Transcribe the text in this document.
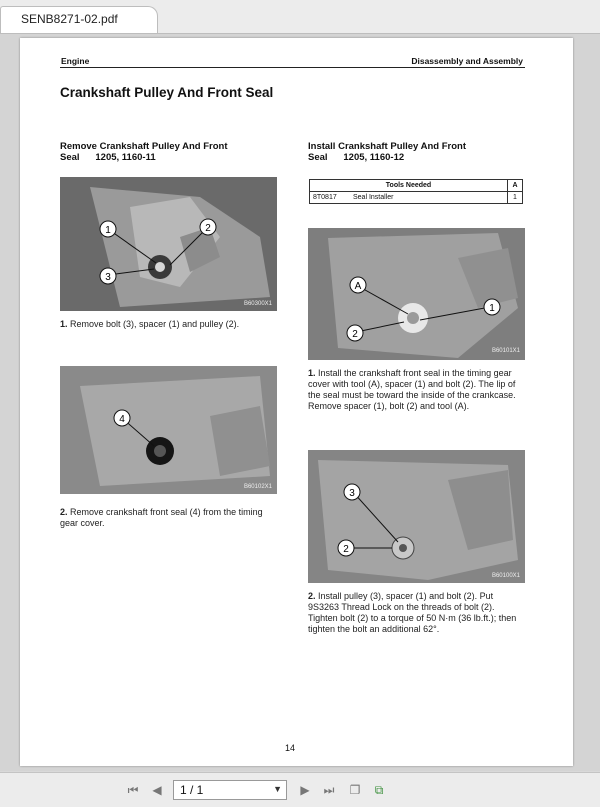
SENB8271-02.pdf
Engine	Disassembly and Assembly
Crankshaft Pulley And Front Seal
Remove Crankshaft Pulley And Front
Seal      1205, 1160-11
1	2
3
B60300X1
1. Remove bolt (3), spacer (1) and pulley (2).
4
B60102X1
2. Remove crankshaft front seal (4) from the timing gear cover.
Install Crankshaft Pulley And Front
Seal      1205, 1160-12
Tools Needed		A
8T0817	Seal Installer	1
A
1
2
B60101X1
1. Install the crankshaft front seal in the timing gear cover with tool (A), spacer (1) and bolt (2). The lip of the seal must be toward the inside of the crankcase. Remove spacer (1), bolt (2) and tool (A).
3
2
B60100X1
2. Install pulley (3), spacer (1) and bolt (2). Put 9S3263 Thread Lock on the threads of bolt (2). Tighten bolt (2) to a torque of 50 N·m (36 lb.ft.); then tighten the bolt an additional 62°.
14
⏮	◀	1 / 1	▼	▶	⏭	❐	⧉
